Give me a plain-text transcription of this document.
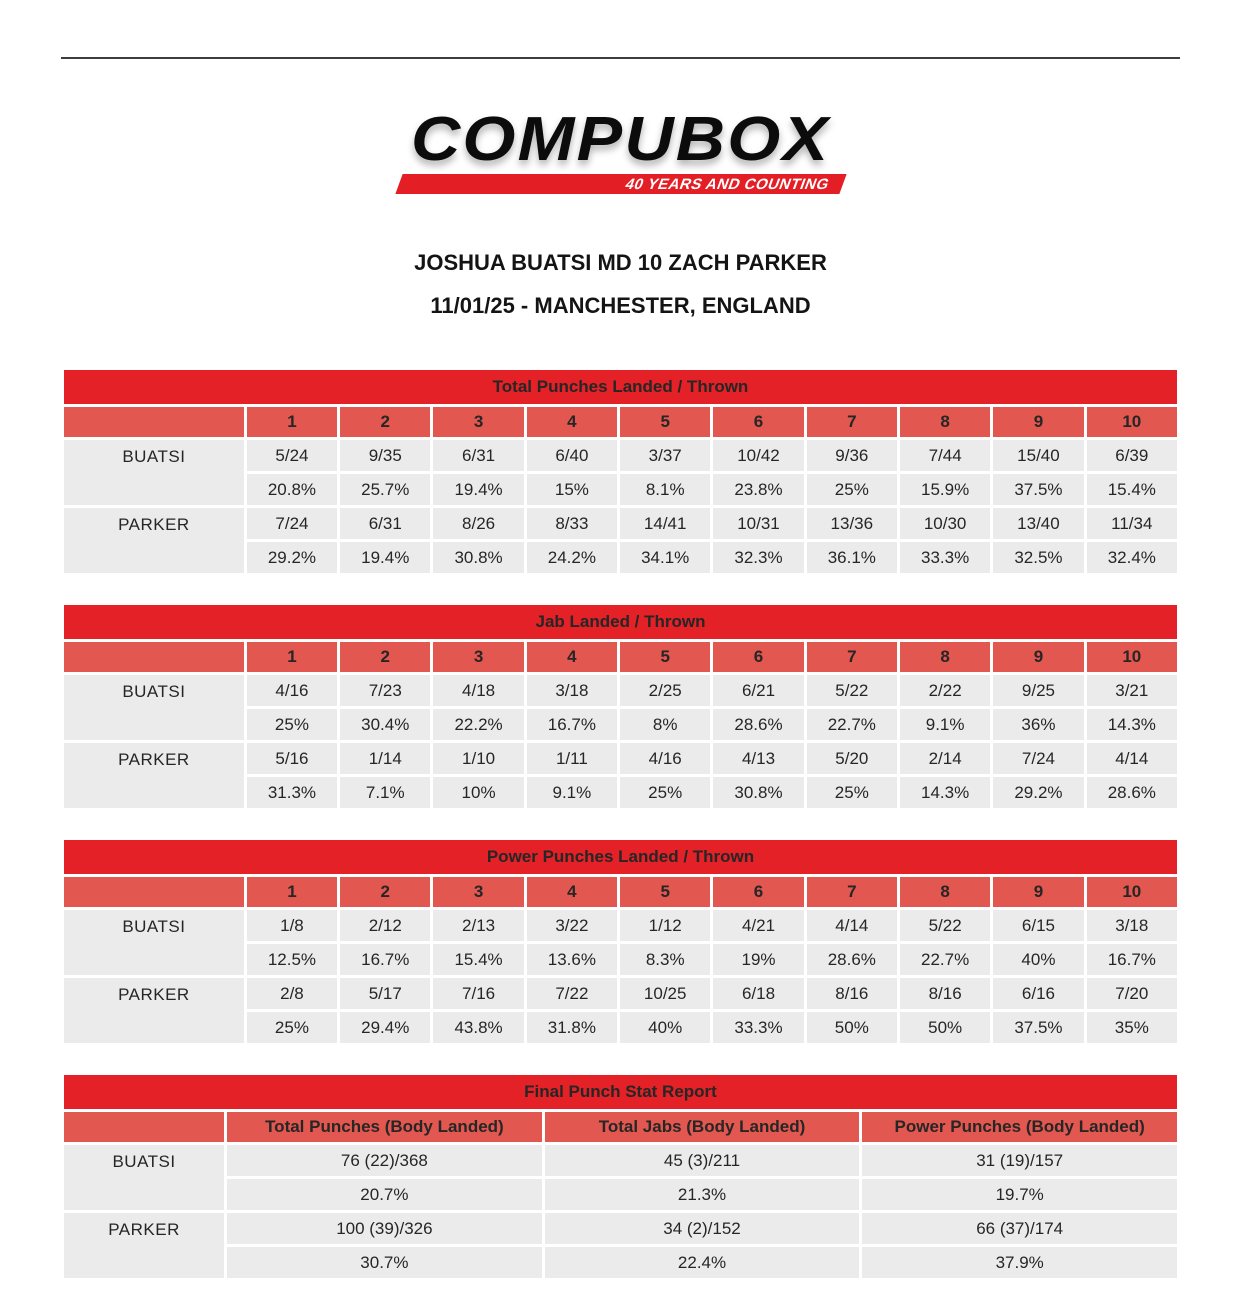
COMPUBOX
40 YEARS AND COUNTING
JOSHUA BUATSI MD 10 ZACH PARKER
11/01/25 - MANCHESTER, ENGLAND
Total Punches Landed / Thrown										
	1	2	3	4	5	6	7	8	9	10
BUATSI	5/24	9/35	6/31	6/40	3/37	10/42	9/36	7/44	15/40	6/39
	20.8%	25.7%	19.4%	15%	8.1%	23.8%	25%	15.9%	37.5%	15.4%
PARKER	7/24	6/31	8/26	8/33	14/41	10/31	13/36	10/30	13/40	11/34
	29.2%	19.4%	30.8%	24.2%	34.1%	32.3%	36.1%	33.3%	32.5%	32.4%
Jab Landed / Thrown										
	1	2	3	4	5	6	7	8	9	10
BUATSI	4/16	7/23	4/18	3/18	2/25	6/21	5/22	2/22	9/25	3/21
	25%	30.4%	22.2%	16.7%	8%	28.6%	22.7%	9.1%	36%	14.3%
PARKER	5/16	1/14	1/10	1/11	4/16	4/13	5/20	2/14	7/24	4/14
	31.3%	7.1%	10%	9.1%	25%	30.8%	25%	14.3%	29.2%	28.6%
Power Punches Landed / Thrown										
	1	2	3	4	5	6	7	8	9	10
BUATSI	1/8	2/12	2/13	3/22	1/12	4/21	4/14	5/22	6/15	3/18
	12.5%	16.7%	15.4%	13.6%	8.3%	19%	28.6%	22.7%	40%	16.7%
PARKER	2/8	5/17	7/16	7/22	10/25	6/18	8/16	8/16	6/16	7/20
	25%	29.4%	43.8%	31.8%	40%	33.3%	50%	50%	37.5%	35%
Final Punch Stat Report			
	Total Punches (Body Landed)	Total Jabs (Body Landed)	Power Punches (Body Landed)
BUATSI	76 (22)/368	45 (3)/211	31 (19)/157
	20.7%	21.3%	19.7%
PARKER	100 (39)/326	34 (2)/152	66 (37)/174
	30.7%	22.4%	37.9%
